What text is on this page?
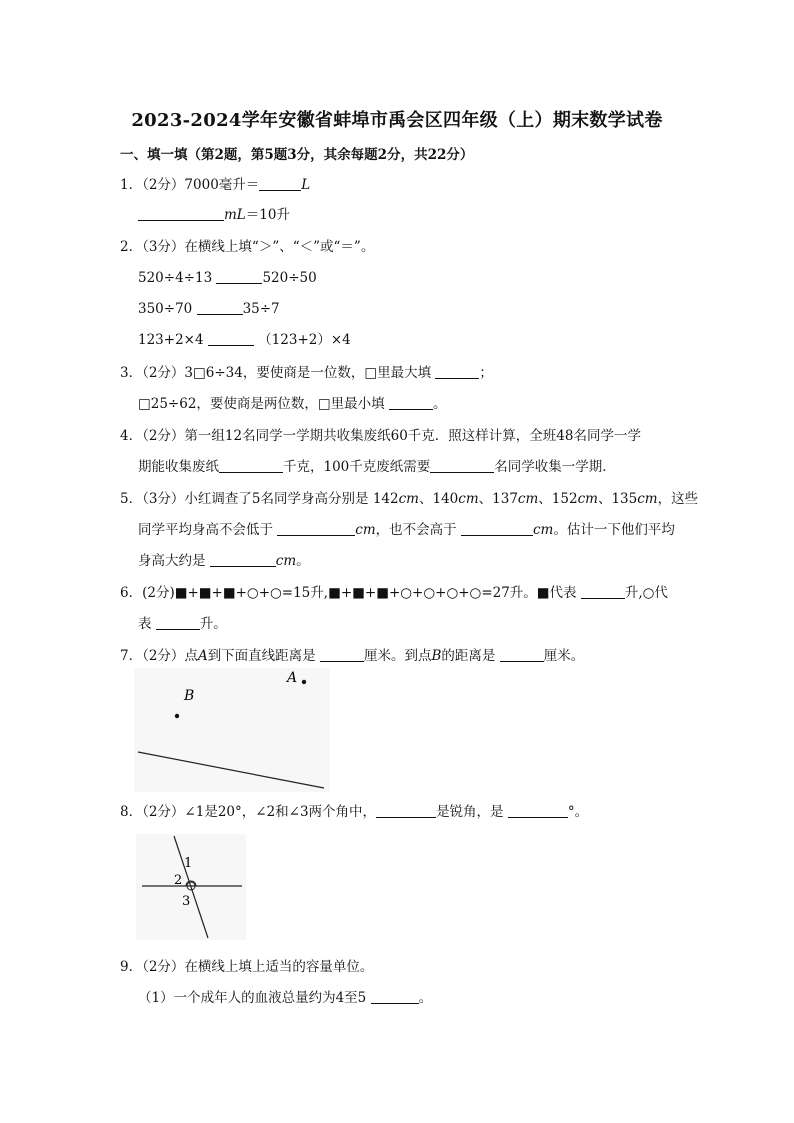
2023-2024学年安徽省蚌埠市禹会区四年级（上）期末数学试卷
一、填一填（第2题，第5题3分，其余每题2分，共22分）
1．（2分）7000毫升＝	L
mL＝10升
2．（3分）在横线上填“＞”、“＜”或“＝”。
520÷4÷13	520÷50
350÷70	35÷7
123+2×4	（123+2）×4
3．（2分）3□6÷34，要使商是一位数，□里最大填	；
□25÷62，要使商是两位数，□里最小填	。
4．（2分）第一组12名同学一学期共收集废纸60千克．照这样计算，全班48名同学一学
期能收集废纸	千克，100千克废纸需要	名同学收集一学期．
5．（3分）小红调查了5名同学身高分别是 142cm、140cm、137cm、152cm、135cm，这些
同学平均身高不会低于	cm，也不会高于	cm。估计一下他们平均
身高大约是	cm。
6．(2分)■+■+■+○+○=15升,■+■+■+○+○+○+○=27升。■代表	升,○代
表	升。
7．（2分）点A到下面直线距离是	厘米。到点B的距离是	厘米。
A
B
8．（2分）∠1是20°，∠2和∠3两个角中，	是锐角，是	°。
1
2
3
9．（2分）在横线上填上适当的容量单位。
（1）一个成年人的血液总量约为4至5	。
